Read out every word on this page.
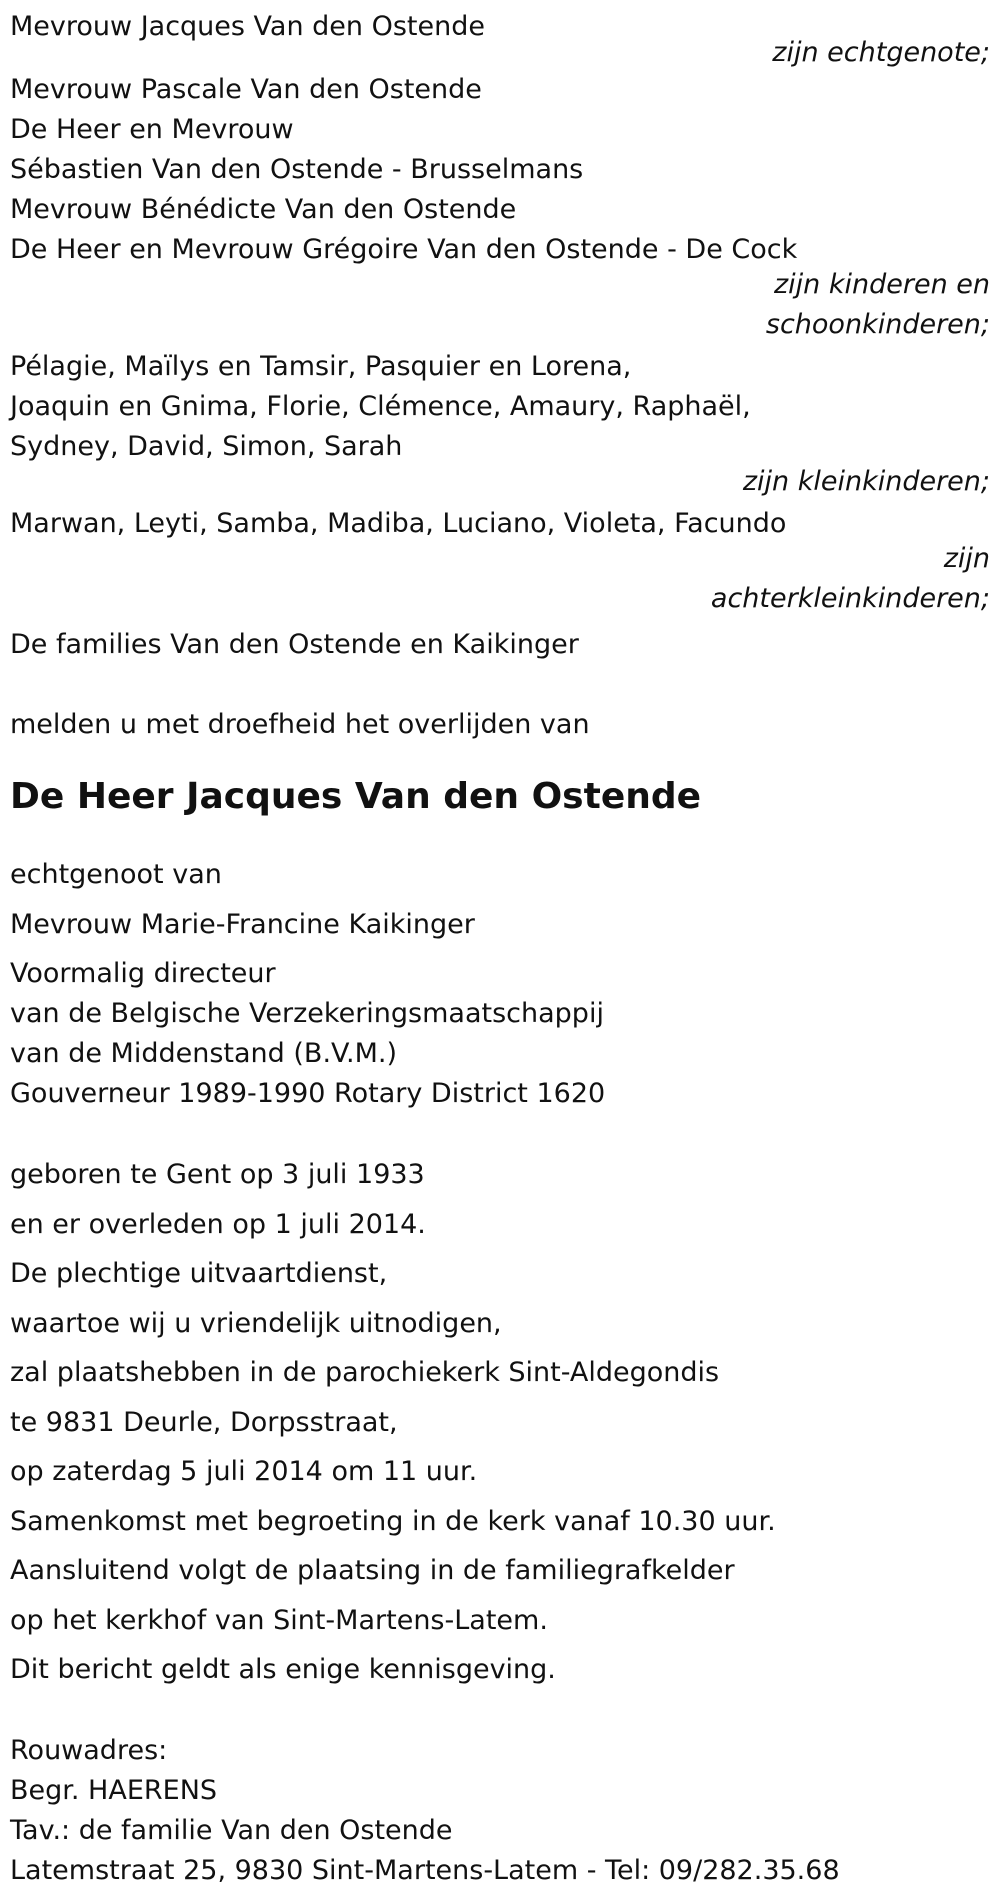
Mevrouw Jacques Van den Ostende
zijn echtgenote;
Mevrouw Pascale Van den Ostende
De Heer en Mevrouw
Sébastien Van den Ostende - Brusselmans
Mevrouw Bénédicte Van den Ostende
De Heer en Mevrouw Grégoire Van den Ostende - De Cock
zijn kinderen en
schoonkinderen;
Pélagie, Maïlys en Tamsir, Pasquier en Lorena,
Joaquin en Gnima, Florie, Clémence, Amaury, Raphaël,
Sydney, David, Simon, Sarah
zijn kleinkinderen;
Marwan, Leyti, Samba, Madiba, Luciano, Violeta, Facundo
zijn
achterkleinkinderen;
De families Van den Ostende en Kaikinger
melden u met droefheid het overlijden van
De Heer Jacques Van den Ostende
echtgenoot van
Mevrouw Marie-Francine Kaikinger
Voormalig directeur
van de Belgische Verzekeringsmaatschappij
van de Middenstand (B.V.M.)
Gouverneur 1989-1990 Rotary District 1620
geboren te Gent op 3 juli 1933
en er overleden op 1 juli 2014.
De plechtige uitvaartdienst,
waartoe wij u vriendelijk uitnodigen,
zal plaatshebben in de parochiekerk Sint-Aldegondis
te 9831 Deurle, Dorpsstraat,
op zaterdag 5 juli 2014 om 11 uur.
Samenkomst met begroeting in de kerk vanaf 10.30 uur.
Aansluitend volgt de plaatsing in de familiegrafkelder
op het kerkhof van Sint-Martens-Latem.
Dit bericht geldt als enige kennisgeving.
Rouwadres:
Begr. HAERENS
Tav.: de familie Van den Ostende
Latemstraat 25, 9830 Sint-Martens-Latem - Tel: 09/282.35.68
